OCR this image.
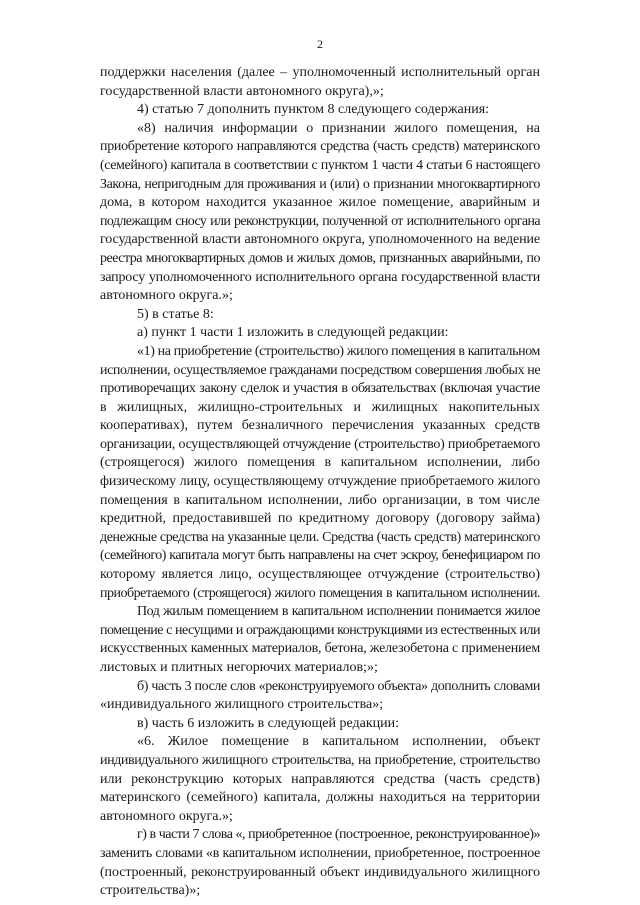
2
поддержки населения (далее – уполномоченный исполнительный орган
государственной власти автономного округа),»;
4) статью 7 дополнить пунктом 8 следующего содержания:
«8) наличия информации о признании жилого помещения, на
приобретение которого направляются средства (часть средств) материнского
(семейного) капитала в соответствии с пунктом 1 части 4 статьи 6 настоящего
Закона, непригодным для проживания и (или) о признании многоквартирного
дома, в котором находится указанное жилое помещение, аварийным и
подлежащим сносу или реконструкции, полученной от исполнительного органа
государственной власти автономного округа, уполномоченного на ведение
реестра многоквартирных домов и жилых домов, признанных аварийными, по
запросу уполномоченного исполнительного органа государственной власти
автономного округа.»;
5) в статье 8:
а) пункт 1 части 1 изложить в следующей редакции:
«1) на приобретение (строительство) жилого помещения в капитальном
исполнении, осуществляемое гражданами посредством совершения любых не
противоречащих закону сделок и участия в обязательствах (включая участие
в жилищных, жилищно-строительных и жилищных накопительных
кооперативах), путем безналичного перечисления указанных средств
организации, осуществляющей отчуждение (строительство) приобретаемого
(строящегося) жилого помещения в капитальном исполнении, либо
физическому лицу, осуществляющему отчуждение приобретаемого жилого
помещения в капитальном исполнении, либо организации, в том числе
кредитной, предоставившей по кредитному договору (договору займа)
денежные средства на указанные цели. Средства (часть средств) материнского
(семейного) капитала могут быть направлены на счет эскроу, бенефициаром по
которому является лицо, осуществляющее отчуждение (строительство)
приобретаемого (строящегося) жилого помещения в капитальном исполнении.
Под жилым помещением в капитальном исполнении понимается жилое
помещение с несущими и ограждающими конструкциями из естественных или
искусственных каменных материалов, бетона, железобетона с применением
листовых и плитных негорючих материалов;»;
б) часть 3 после слов «реконструируемого объекта» дополнить словами
«индивидуального жилищного строительства»;
в) часть 6 изложить в следующей редакции:
«6. Жилое помещение в капитальном исполнении, объект
индивидуального жилищного строительства, на приобретение, строительство
или реконструкцию которых направляются средства (часть средств)
материнского (семейного) капитала, должны находиться на территории
автономного округа.»;
г) в части 7 слова «, приобретенное (построенное, реконструированное)»
заменить словами «в капитальном исполнении, приобретенное, построенное
(построенный, реконструированный объект индивидуального жилищного
строительства)»;
